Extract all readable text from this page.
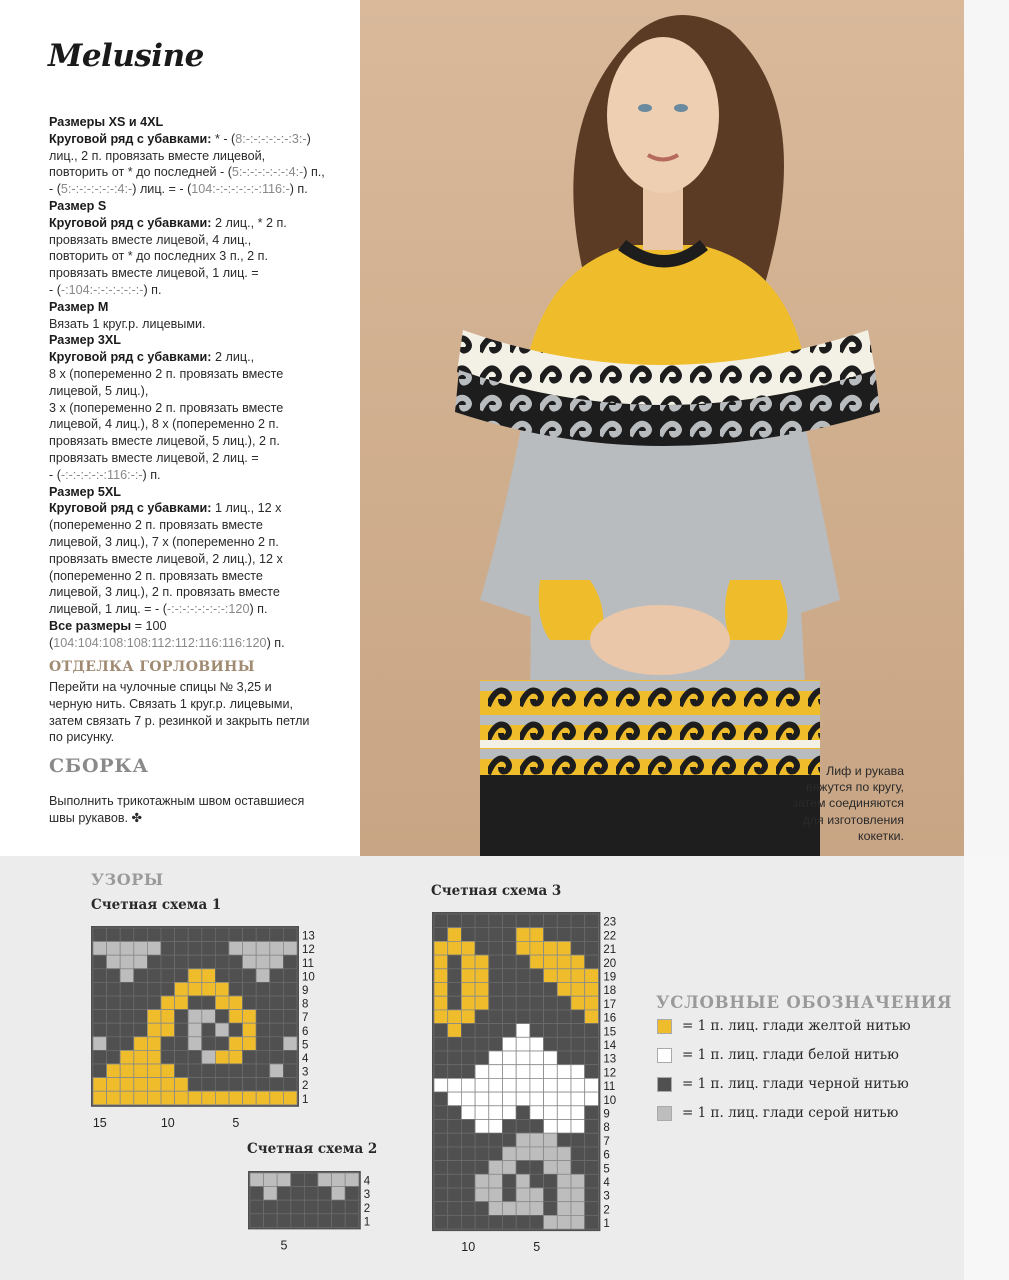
Melusine
Размеры XS и 4XL
Круговой ряд с убавками: * - (8:-:-:-:-:-:-:3:-)
лиц., 2 п. провязать вместе лицевой,
повторить от * до последней - (5:-:-:-:-:-:-:4:-) п.,
- (5:-:-:-:-:-:-:4:-) лиц. = - (104:-:-:-:-:-:-:116:-) п.
Размер S
Круговой ряд с убавками: 2 лиц., * 2 п.
провязать вместе лицевой, 4 лиц.,
повторить от * до последних 3 п., 2 п.
провязать вместе лицевой, 1 лиц. =
- (-:104:-:-:-:-:-:-:-) п.
Размер M
Вязать 1 круг.р. лицевыми.
Размер 3XL
Круговой ряд с убавками: 2 лиц.,
8 х (попеременно 2 п. провязать вместе
лицевой, 5 лиц.),
3 х (попеременно 2 п. провязать вместе
лицевой, 4 лиц.), 8 х (попеременно 2 п.
провязать вместе лицевой, 5 лиц.), 2 п.
провязать вместе лицевой, 2 лиц. =
- (-:-:-:-:-:-:116:-:-) п.
Размер 5XL
Круговой ряд с убавками: 1 лиц., 12 х
(попеременно 2 п. провязать вместе
лицевой, 3 лиц.), 7 х (попеременно 2 п.
провязать вместе лицевой, 2 лиц.), 12 х
(попеременно 2 п. провязать вместе
лицевой, 3 лиц.), 2 п. провязать вместе
лицевой, 1 лиц. = - (-:-:-:-:-:-:-:-:120) п.
Все размеры = 100
(104:104:108:108:112:112:116:116:120) п.
ОТДЕЛКА ГОРЛОВИНЫ
Перейти на чулочные спицы № 3,25 и
черную нить. Связать 1 круг.р. лицевыми,
затем связать 7 р. резинкой и закрыть петли
по рисунку.
СБОРКА
Выполнить трикотажным швом оставшиеся
швы рукавов. ✤
Лиф и рукава
вяжутся по кругу,
затем соединяются
для изготовления
кокетки.
УЗОРЫ
Счетная схема 1
13
12
11
10
9
8
7
6
5
4
3
2
1
15	10	5
Счетная схема 2
4
3
2
1
5
Счетная схема 3
23
22
21
20
19
18
17
16
15
14
13
12
11
10
9
8
7
6
5
4
3
2
1
10	5
УСЛОВНЫЕ ОБОЗНАЧЕНИЯ
= 1 п. лиц. глади желтой нитью
= 1 п. лиц. глади белой нитью
= 1 п. лиц. глади черной нитью
= 1 п. лиц. глади серой нитью
